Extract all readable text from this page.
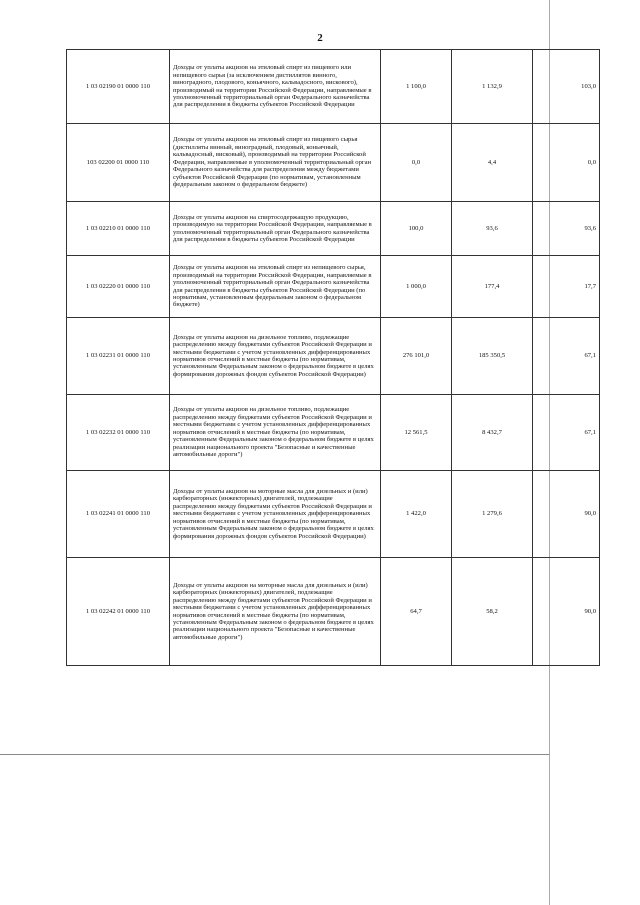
2
1 03 02190 01 0000 110	Доходы от уплаты акцизов на этиловый спирт из пищевого или непищевого сырья (за исключением дистиллятов винного, виноградного, плодового, коньячного, кальвадосного, вискового), производимый на территории Российской Федерации, направляемые в уполномоченный территориальный орган Федерального казначейства для распределения в бюджеты субъектов Российской Федерации	1 100,0	1 132,9	103,0
103 02200 01 0000 110	Доходы от уплаты акцизов на этиловый спирт из пищевого сырья (дистилляты винный, виноградный, плодовый, коньячный, кальвадосный, висковый), производимый на территории Российской Федерации, направляемые в уполномоченный территориальный орган Федерального казначейства для распределения между бюджетами субъектов Российской Федерации (по нормативам, установленным федеральным законом о федеральном бюджете)	0,0	4,4	0,0
1 03 02210 01 0000 110	Доходы от уплаты акцизов на спиртосодержащую продукцию, производимую на территории Российской Федерации, направляемые в уполномоченный территориальный орган Федерального казначейства для распределения в бюджеты субъектов Российской Федерации	100,0	93,6	93,6
1 03 02220 01 0000 110	Доходы от уплаты акцизов на этиловый спирт из непищевого сырья, производимый на территории Российской Федерации, направляемые в уполномоченный территориальный орган Федерального казначейства для распределения в бюджеты субъектов Российской Федерации (по нормативам, установленным федеральным законом о федеральном бюджете)	1 000,0	177,4	17,7
1 03 02231 01 0000 110	Доходы от уплаты акцизов на дизельное топливо, подлежащие распределению между бюджетами субъектов Российской Федерации и местными бюджетами с учетом установленных дифференцированных нормативов отчислений в местные бюджеты (по нормативам, установленным Федеральным законом о федеральном бюджете в целях формирования дорожных фондов субъектов Российской Федерации)	276 101,0	185 350,5	67,1
1 03 02232 01 0000 110	Доходы от уплаты акцизов на дизельное топливо, подлежащие распределению между бюджетами субъектов Российской Федерации и местными бюджетами с учетом установленных дифференцированных нормативов отчислений в местные бюджеты (по нормативам, установленным Федеральным законом о федеральном бюджете в целях реализации национального проекта "Безопасные и качественные автомобильные дороги")	12 561,5	8 432,7	67,1
1 03 02241 01 0000 110	Доходы от уплаты акцизов на моторные масла для дизельных и (или) карбюраторных (инжекторных) двигателей, подлежащие распределению между бюджетами субъектов Российской Федерации и местными бюджетами с учетом установленных дифференцированных нормативов отчислений в местные бюджеты (по нормативам, установленным Федеральным законом о федеральном бюджете в целях формирования дорожных фондов субъектов Российской Федерации)	1 422,0	1 279,6	90,0
1 03 02242 01 0000 110	Доходы от уплаты акцизов на моторные масла для дизельных и (или) карбюраторных (инжекторных) двигателей, подлежащие распределению между бюджетами субъектов Российской Федерации и местными бюджетами с учетом установленных дифференцированных нормативов отчислений в местные бюджеты (по нормативам, установленным Федеральным законом о федеральном бюджете в целях реализации национального проекта "Безопасные и качественные автомобильные дороги")	64,7	58,2	90,0
